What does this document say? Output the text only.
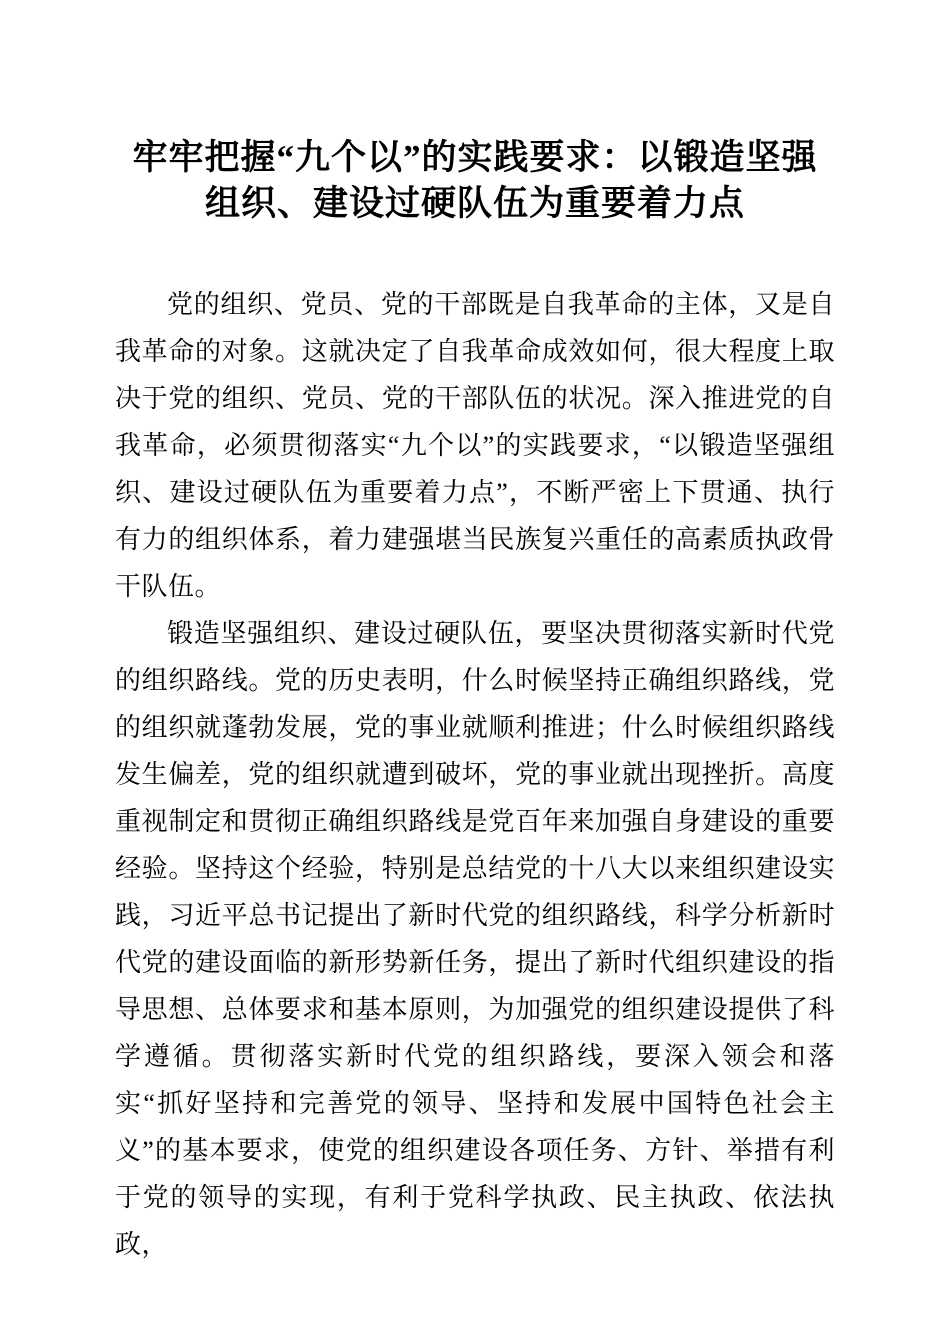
牢牢把握“九个以”的实践要求：以锻造坚强
组织、建设过硬队伍为重要着力点

党的组织、党员、党的干部既是自我革命的主体，又是自我革命的对象。这就决定了自我革命成效如何，很大程度上取决于党的组织、党员、党的干部队伍的状况。深入推进党的自我革命，必须贯彻落实“九个以”的实践要求，“以锻造坚强组织、建设过硬队伍为重要着力点”，不断严密上下贯通、执行有力的组织体系，着力建强堪当民族复兴重任的高素质执政骨干队伍。

锻造坚强组织、建设过硬队伍，要坚决贯彻落实新时代党的组织路线。党的历史表明，什么时候坚持正确组织路线，党的组织就蓬勃发展，党的事业就顺利推进；什么时候组织路线发生偏差，党的组织就遭到破坏，党的事业就出现挫折。高度重视制定和贯彻正确组织路线是党百年来加强自身建设的重要经验。坚持这个经验，特别是总结党的十八大以来组织建设实践，习近平总书记提出了新时代党的组织路线，科学分析新时代党的建设面临的新形势新任务，提出了新时代组织建设的指导思想、总体要求和基本原则，为加强党的组织建设提供了科学遵循。贯彻落实新时代党的组织路线，要深入领会和落实“抓好坚持和完善党的领导、坚持和发展中国特色社会主义”的基本要求，使党的组织建设各项任务、方针、举措有利于党的领导的实现，有利于党科学执政、民主执政、依法执政，
